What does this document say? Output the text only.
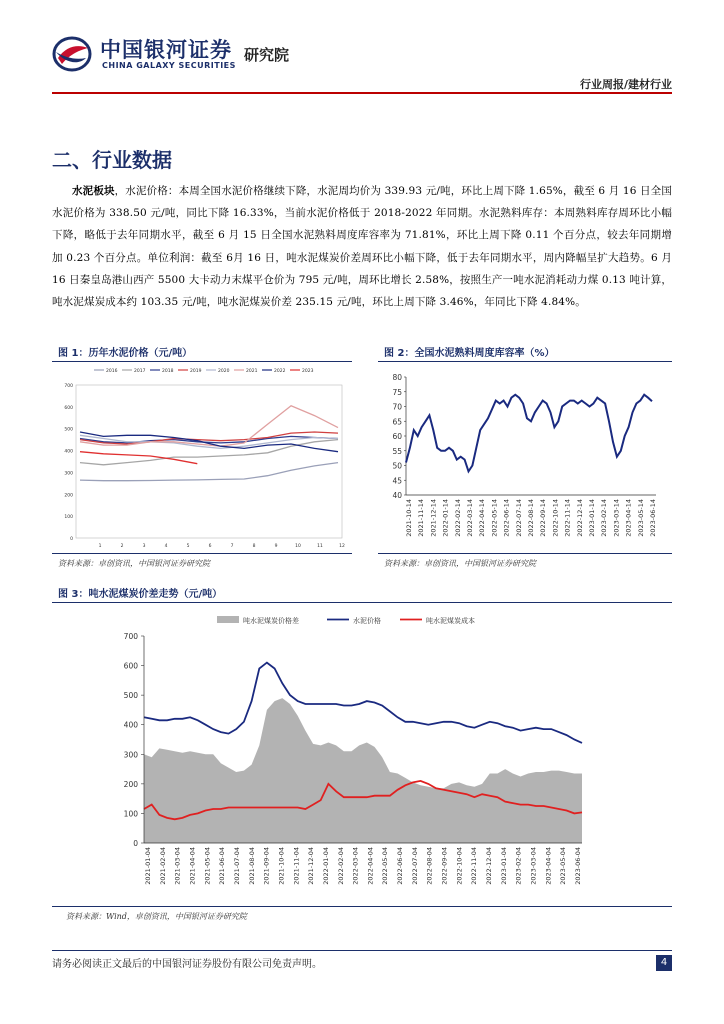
中国银河证券
CHINA GALAXY SECURITIES
研究院
行业周报/建材行业
二、行业数据
水泥板块，水泥价格：本周全国水泥价格继续下降，水泥周均价为 339.93 元/吨，环比上周下降 1.65%，截至 6 月 16 日全国水泥价格为 338.50 元/吨，同比下降 16.33%，当前水泥价格低于 2018-2022 年同期。水泥熟料库存：本周熟料库存周环比小幅下降，略低于去年同期水平，截至 6 月 15 日全国水泥熟料周度库容率为 71.81%，环比上周下降 0.11 个百分点，较去年同期增加 0.23 个百分点。单位利润：截至 6月 16 日，吨水泥煤炭价差周环比小幅下降，低于去年同期水平，周内降幅呈扩大趋势。6 月 16 日秦皇岛港山西产 5500 大卡动力末煤平仓价为 795 元/吨，周环比增长 2.58%，按照生产一吨水泥消耗动力煤 0.13 吨计算，吨水泥煤炭成本约 103.35 元/吨，吨水泥煤炭价差 235.15 元/吨，环比上周下降 3.46%，年同比下降 4.84%。
图 1：历年水泥价格（元/吨）
700
600
500
400
300
200
100
0
1	2	3	4	5	6	7	8	9	10	11	12
2016	2017	2018	2019	2020	2021	2022	2023
资料来源：卓创资讯，中国银河证券研究院
图 2：全国水泥熟料周度库容率（%）
80
75
70
65
60
55
50
45
40
2021-10-14 2021-11-14 2021-12-14 2022-01-14 2022-02-14 2022-03-14 2022-04-14 2022-05-14 2022-06-14 2022-07-14 2022-08-14 2022-09-14 2022-10-14 2022-11-14 2022-12-14 2023-01-14 2023-02-14 2023-03-14 2023-04-14 2023-05-14 2023-06-14
资料来源：卓创资讯，中国银河证券研究院
图 3：吨水泥煤炭价差走势（元/吨）
700
600
500
400
300
200
100
0
2021-01-04 2021-02-04 2021-03-04 2021-04-04 2021-05-04 2021-06-04 2021-07-04 2021-08-04 2021-09-04 2021-10-04 2021-11-04 2021-12-04 2022-01-04 2022-02-04 2022-03-04 2022-04-04 2022-05-04 2022-06-04 2022-07-04 2022-08-04 2022-09-04 2022-10-04 2022-11-04 2022-12-04 2023-01-04 2023-02-04 2023-03-04 2023-04-04 2023-05-04 2023-06-04
吨水泥煤炭价格差	水泥价格	吨水泥煤炭成本
资料来源：Wind，卓创资讯，中国银河证券研究院
请务必阅读正文最后的中国银河证券股份有限公司免责声明。	4
